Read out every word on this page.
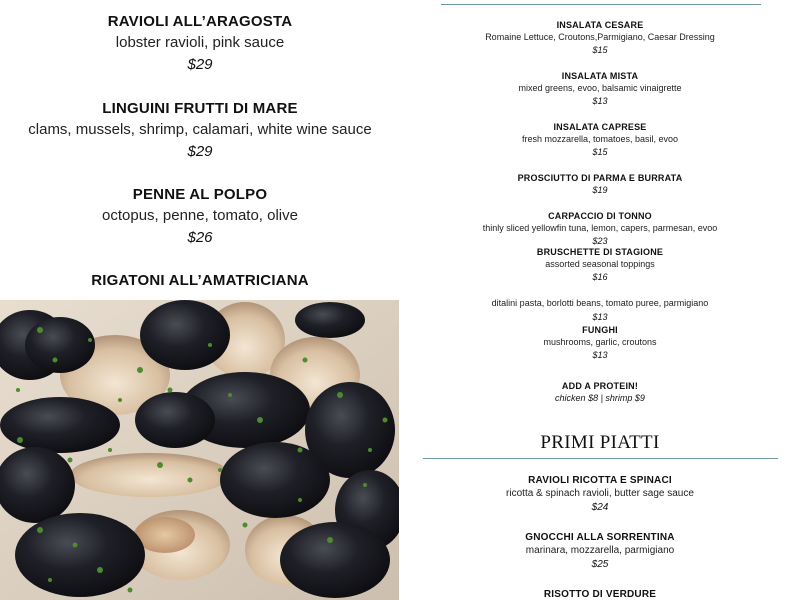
RAVIOLI ALL’ARAGOSTA
lobster ravioli, pink sauce
$29
LINGUINI FRUTTI DI MARE
clams, mussels, shrimp, calamari, white wine sauce
$29
PENNE AL POLPO
octopus, penne, tomato, olive
$26
RIGATONI ALL’AMATRICIANA
INSALATA CESARE
Romaine Lettuce, Croutons,Parmigiano, Caesar Dressing
$15
INSALATA MISTA
mixed greens, evoo, balsamic vinaigrette
$13
INSALATA CAPRESE
fresh mozzarella, tomatoes, basil, evoo
$15
PROSCIUTTO DI PARMA E BURRATA
$19
CARPACCIO DI TONNO
thinly sliced yellowfin tuna, lemon, capers, parmesan, evoo
$23
BRUSCHETTE DI STAGIONE
assorted seasonal toppings
$16
ditalini pasta, borlotti beans, tomato puree, parmigiano
$13
FUNGHI
mushrooms, garlic, croutons
$13
ADD A PROTEIN!
chicken $8 | shrimp $9
PRIMI PIATTI
RAVIOLI RICOTTA E SPINACI
ricotta & spinach ravioli, butter sage sauce
$24
GNOCCHI ALLA SORRENTINA
marinara, mozzarella, parmigiano
$25
RISOTTO DI VERDURE
